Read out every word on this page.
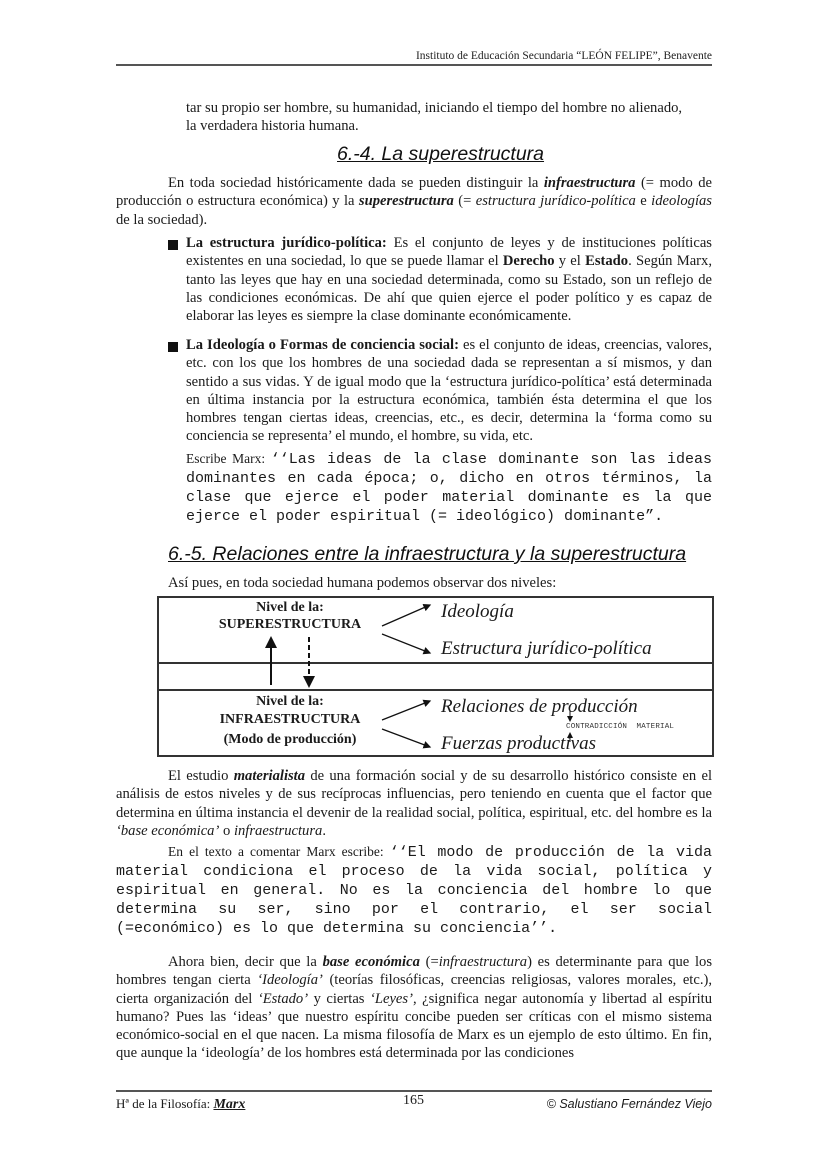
Instituto de Educación Secundaria “LEÓN FELIPE”, Benavente
tar su propio ser hombre, su humanidad, iniciando el tiempo del hombre no alienado,
la verdadera historia humana.
6.-4. La superestructura
En toda sociedad históricamente dada se pueden distinguir la infraestructura (= modo de producción o estructura económica) y la superestructura (= estructura jurídico-política e ideologías de la sociedad).
La estructura jurídico-política: Es el conjunto de leyes y de instituciones políticas existentes en una sociedad, lo que se puede llamar el Derecho y el Estado. Según Marx, tanto las leyes que hay en una sociedad determinada, como su Estado, son un reflejo de las condiciones económicas. De ahí que quien ejerce el poder político y es capaz de elaborar las leyes es siempre la clase dominante económicamente.
La Ideología o Formas de conciencia social: es el conjunto de ideas, creencias, valores, etc. con los que los hombres de una sociedad dada se representan a sí mismos, y dan sentido a sus vidas. Y de igual modo que la ‘estructura jurídico-política’ está determinada en última instancia por la estructura económica, también ésta determina el que los hombres tengan ciertas ideas, creencias, etc., es decir, determina la ‘forma como su conciencia se representa’ el mundo, el hombre, su vida, etc.
Escribe Marx: ‘‘Las ideas de la clase dominante son las ideas dominantes en cada época; o, dicho en otros términos, la clase que ejerce el poder material dominante es la que ejerce el poder espiritual (= ideológico) dominante”.
6.-5. Relaciones entre la infraestructura y la superestructura
Así pues, en toda sociedad humana podemos observar dos niveles:
Nivel de la:
SUPERESTRUCTURA
Ideología
Estructura jurídico-política
Nivel de la:
INFRAESTRUCTURA
(Modo de producción)
Relaciones de producción
Fuerzas productivas
CONTRADICCIÓN  MATERIAL
El estudio materialista de una formación social y de su desarrollo histórico consiste en el análisis de estos niveles y de sus recíprocas influencias, pero teniendo en cuenta que el factor que determina en última instancia el devenir de la realidad social, política, espiritual, etc. del hombre es la ‘base económica’ o infraestructura.
En el texto a comentar Marx escribe: ‘‘El modo de producción de la vida material condiciona el proceso de la vida social, política y espiritual en general. No es la conciencia del hombre lo que determina su ser, sino por el contrario, el ser social (=económico) es lo que determina su conciencia’’.
Ahora bien, decir que la base económica (=infraestructura) es determinante para que los hombres tengan cierta ‘Ideología’ (teorías filosóficas, creencias religiosas, valores morales, etc.), cierta organización del ‘Estado’ y ciertas ‘Leyes’, ¿significa negar autonomía y libertad al espíritu humano? Pues las ‘ideas’ que nuestro espíritu concibe pueden ser críticas con el mismo sistema económico-social en el que nacen. La misma filosofía de Marx es un ejemplo de esto último. En fin, que aunque la ‘ideología’ de los hombres está determinada por las condiciones
Hª de la Filosofía: Marx	165	© Salustiano Fernández Viejo
